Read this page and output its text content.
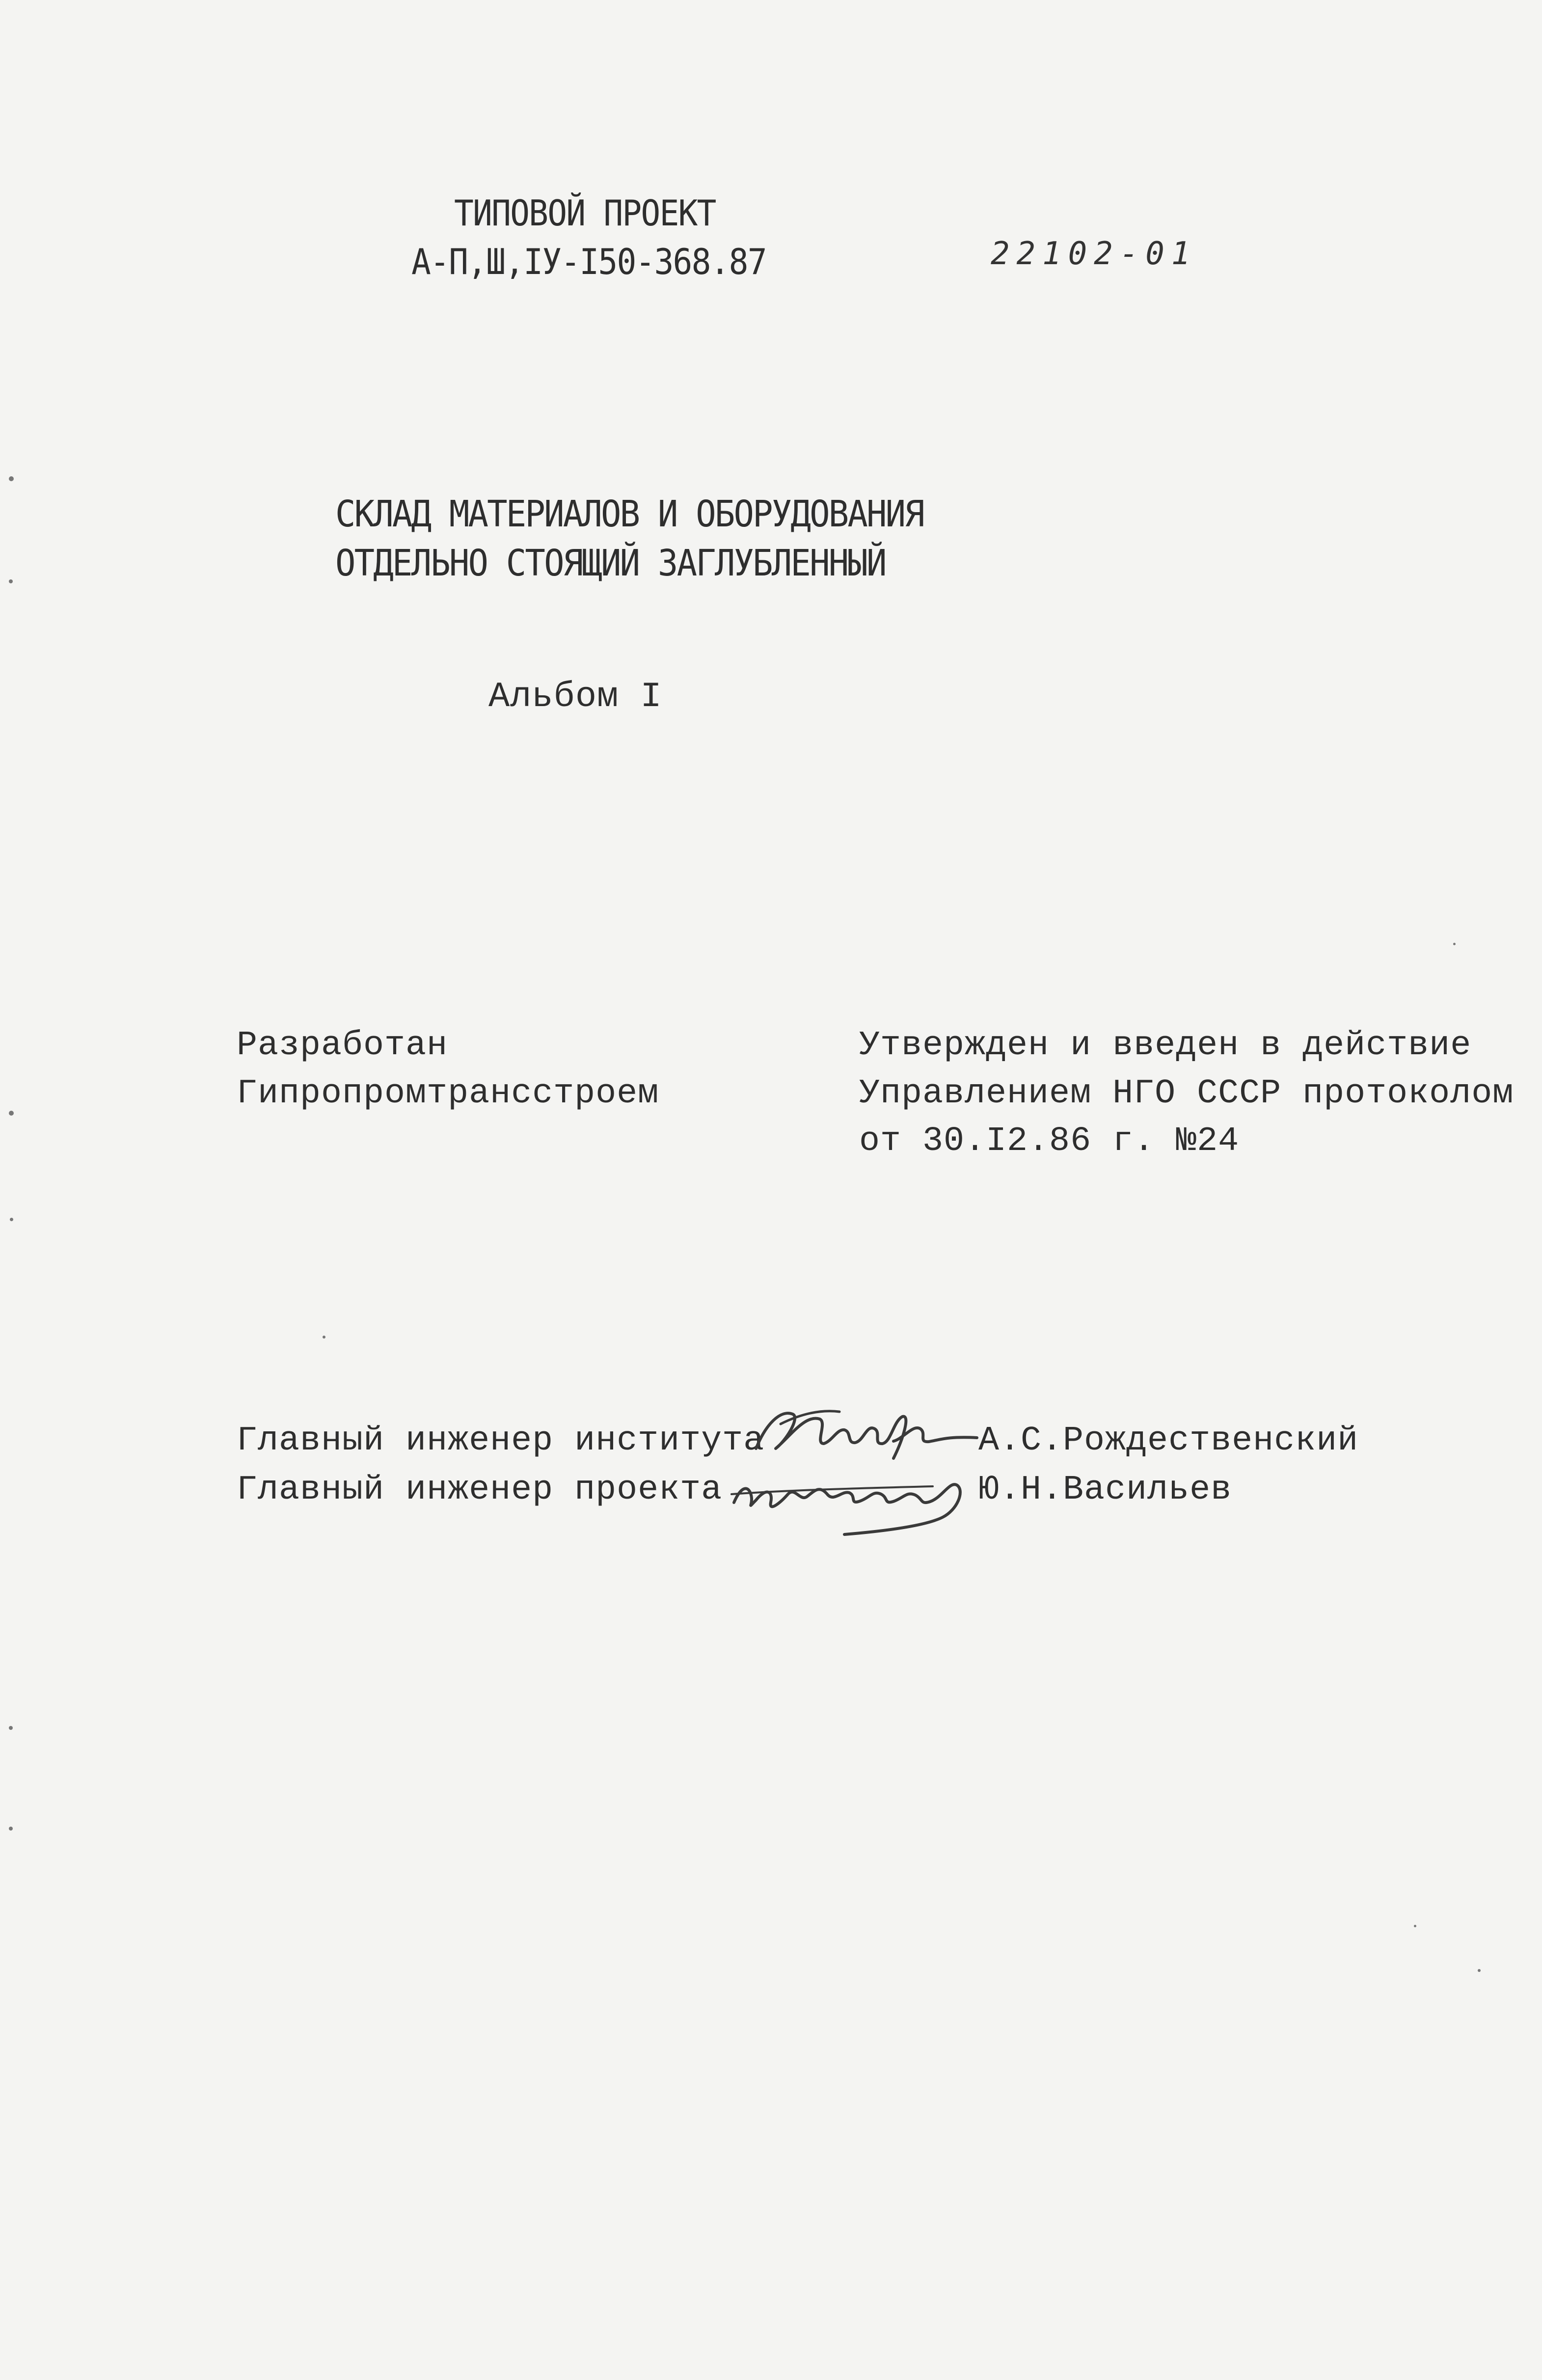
ТИПОВОЙ ПРОЕКТ
А-П,Ш,IУ-I50-368.87	22102-01
СКЛАД МАТЕРИАЛОВ И ОБОРУДОВАНИЯ
ОТДЕЛЬНО СТОЯЩИЙ ЗАГЛУБЛЕННЫЙ
Альбом I
Разработан
Гипропромтрансстроем
Утвержден и введен в действие
Управлением НГО СССР протоколом
от 30.I2.86 г. №24
Главный инженер института	А.С.Рождественский
Главный инженер проекта	Ю.Н.Васильев
